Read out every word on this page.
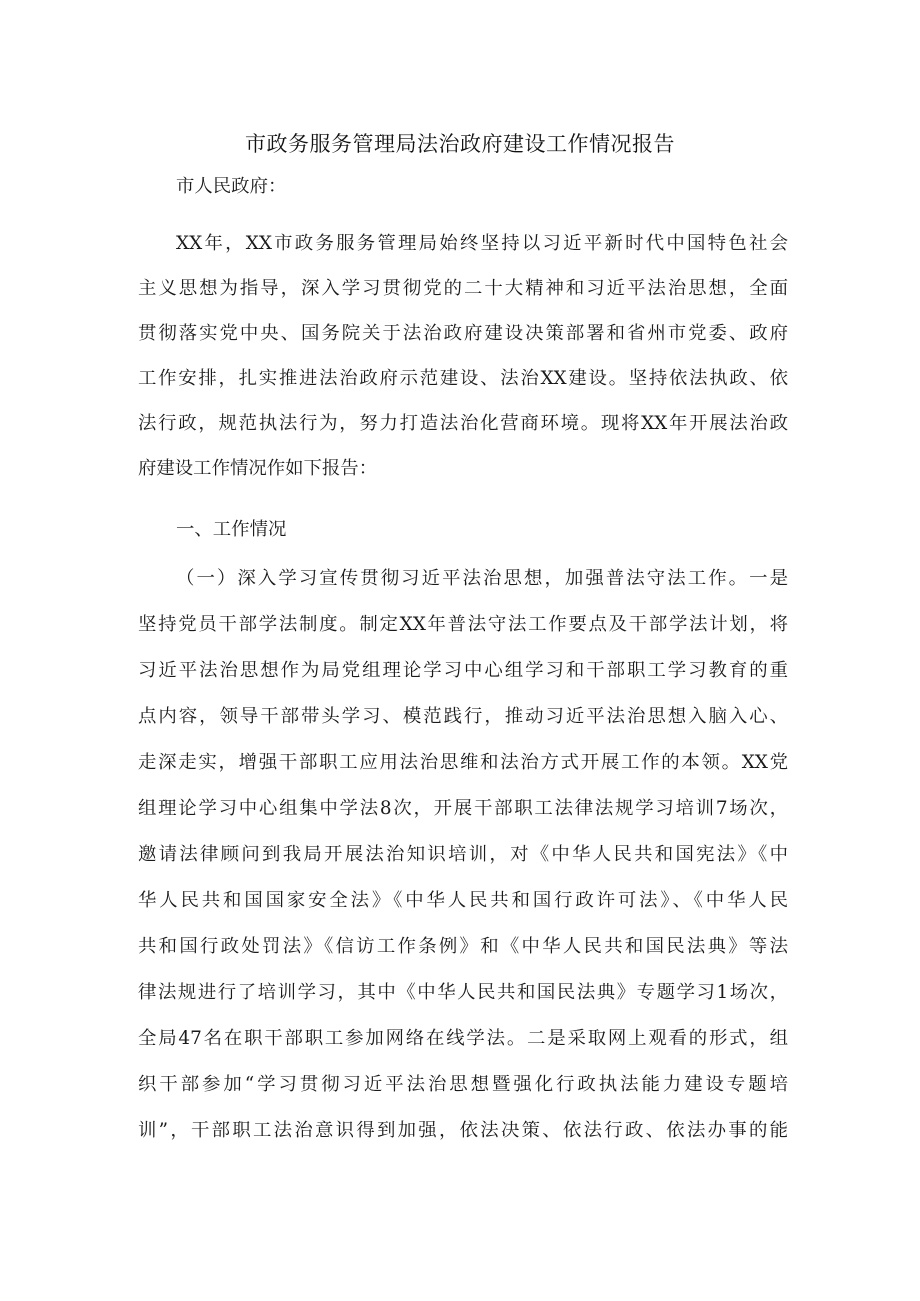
市政务服务管理局法治政府建设工作情况报告
市人民政府：
XX年，XX市政务服务管理局始终坚持以习近平新时代中国特色社会
主义思想为指导，深入学习贯彻党的二十大精神和习近平法治思想，全面
贯彻落实党中央、国务院关于法治政府建设决策部署和省州市党委、政府
工作安排，扎实推进法治政府示范建设、法治XX建设。坚持依法执政、依
法行政，规范执法行为，努力打造法治化营商环境。现将XX年开展法治政
府建设工作情况作如下报告：
一、工作情况
（一）深入学习宣传贯彻习近平法治思想，加强普法守法工作。一是
坚持党员干部学法制度。制定XX年普法守法工作要点及干部学法计划，将
习近平法治思想作为局党组理论学习中心组学习和干部职工学习教育的重
点内容，领导干部带头学习、模范践行，推动习近平法治思想入脑入心、
走深走实，增强干部职工应用法治思维和法治方式开展工作的本领。XX党
组理论学习中心组集中学法8次，开展干部职工法律法规学习培训7场次，
邀请法律顾问到我局开展法治知识培训，对《中华人民共和国宪法》《中
华人民共和国国家安全法》《中华人民共和国行政许可法》、《中华人民
共和国行政处罚法》《信访工作条例》和《中华人民共和国民法典》等法
律法规进行了培训学习，其中《中华人民共和国民法典》专题学习1场次，
全局47名在职干部职工参加网络在线学法。二是采取网上观看的形式，组
织干部参加“学习贯彻习近平法治思想暨强化行政执法能力建设专题培
训”，干部职工法治意识得到加强，依法决策、依法行政、依法办事的能
